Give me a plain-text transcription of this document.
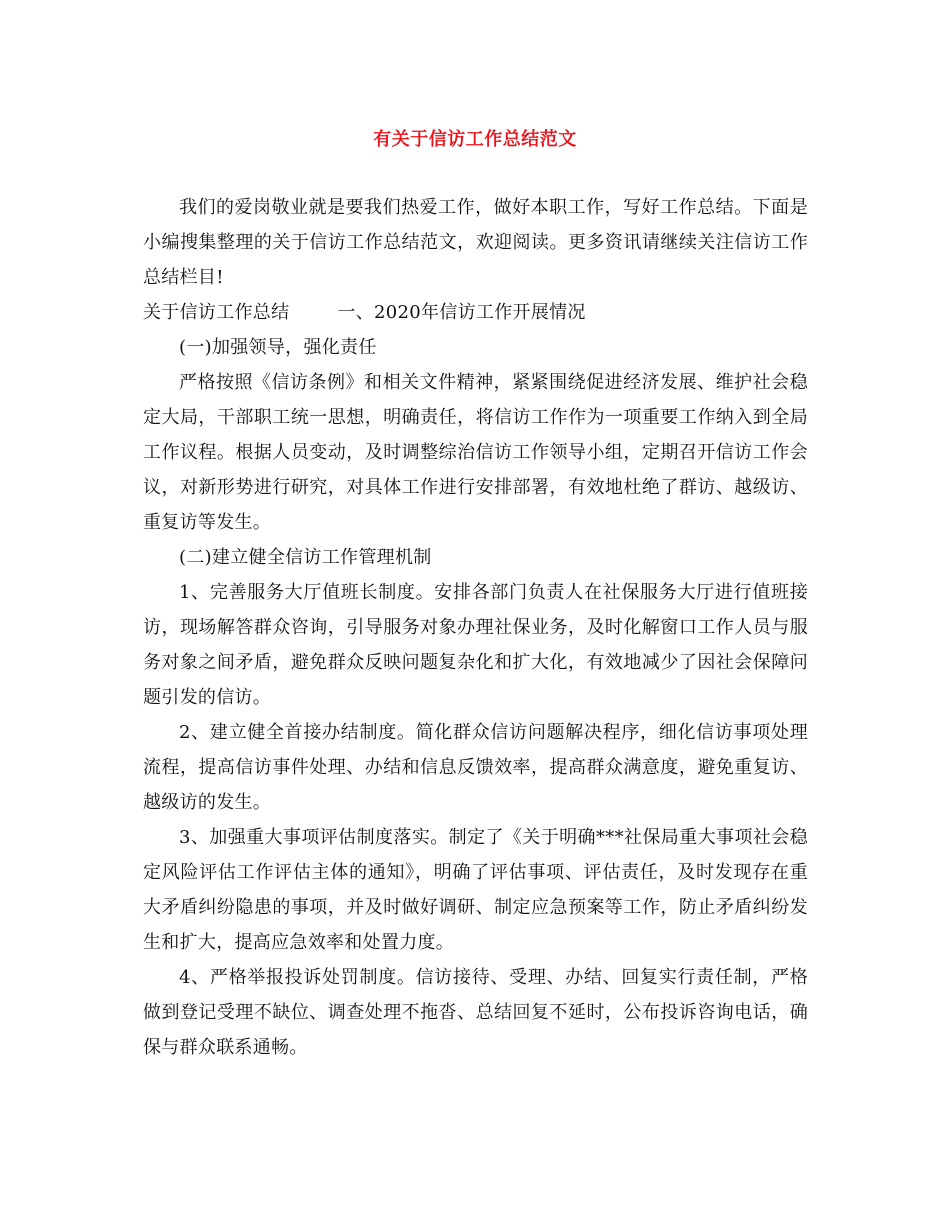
有关于信访工作总结范文

我们的爱岗敬业就是要我们热爱工作，做好本职工作，写好工作总结。下面是小编搜集整理的关于信访工作总结范文，欢迎阅读。更多资讯请继续关注信访工作总结栏目!

关于信访工作总结	一、2020年信访工作开展情况

(一)加强领导，强化责任

严格按照《信访条例》和相关文件精神，紧紧围绕促进经济发展、维护社会稳定大局，干部职工统一思想，明确责任，将信访工作作为一项重要工作纳入到全局工作议程。根据人员变动，及时调整综治信访工作领导小组，定期召开信访工作会议，对新形势进行研究，对具体工作进行安排部署，有效地杜绝了群访、越级访、重复访等发生。

(二)建立健全信访工作管理机制

1、完善服务大厅值班长制度。安排各部门负责人在社保服务大厅进行值班接访，现场解答群众咨询，引导服务对象办理社保业务，及时化解窗口工作人员与服务对象之间矛盾，避免群众反映问题复杂化和扩大化，有效地减少了因社会保障问题引发的信访。

2、建立健全首接办结制度。简化群众信访问题解决程序，细化信访事项处理流程，提高信访事件处理、办结和信息反馈效率，提高群众满意度，避免重复访、越级访的发生。

3、加强重大事项评估制度落实。制定了《关于明确***社保局重大事项社会稳定风险评估工作评估主体的通知》，明确了评估事项、评估责任，及时发现存在重大矛盾纠纷隐患的事项，并及时做好调研、制定应急预案等工作，防止矛盾纠纷发生和扩大，提高应急效率和处置力度。

4、严格举报投诉处罚制度。信访接待、受理、办结、回复实行责任制，严格做到登记受理不缺位、调查处理不拖沓、总结回复不延时，公布投诉咨询电话，确保与群众联系通畅。
